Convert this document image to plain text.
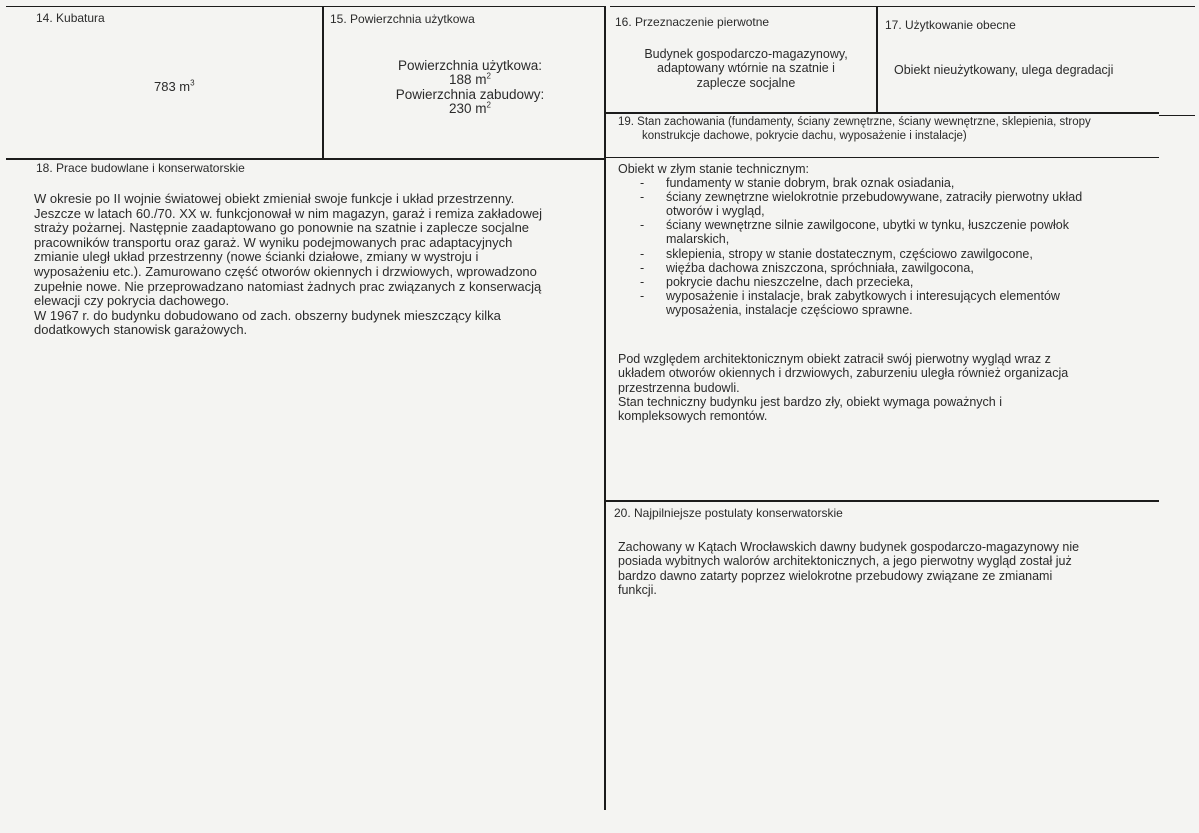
14. Kubatura
783 $m^3$
15. Powierzchnia użytkowa
Powierzchnia użytkowa:
188 $m^2$
Powierzchnia zabudowy:
230 $m^2$
16. Przeznaczenie pierwotne
Budynek gospodarczo-magazynowy,
adaptowany wtórnie na szatnie i
zaplecze socjalne
17. Użytkowanie obecne
Obiekt nieużytkowany, ulega degradacji
18. Prace budowlane i konserwatorskie
W okresie po II wojnie światowej obiekt zmieniał swoje funkcje i układ przestrzenny.
Jeszcze w latach 60./70. XX w. funkcjonował w nim magazyn, garaż i remiza zakładowej
straży pożarnej. Następnie zaadaptowano go ponownie na szatnie i zaplecze socjalne
pracowników transportu oraz garaż. W wyniku podejmowanych prac adaptacyjnych
zmianie uległ układ przestrzenny (nowe ścianki działowe, zmiany w wystroju i
wyposażeniu etc.). Zamurowano część otworów okiennych i drzwiowych, wprowadzono
zupełnie nowe. Nie przeprowadzano natomiast żadnych prac związanych z konserwacją
elewacji czy pokrycia dachowego.
W 1967 r. do budynku dobudowano od zach. obszerny budynek mieszczący kilka
dodatkowych stanowisk garażowych.
19. Stan zachowania (fundamenty, ściany zewnętrzne, ściany wewnętrzne, sklepienia, stropy
konstrukcje dachowe, pokrycie dachu, wyposażenie i instalacje)
Obiekt w złym stanie technicznym:
- fundamenty w stanie dobrym, brak oznak osiadania,
- ściany zewnętrzne wielokrotnie przebudowywane, zatraciły pierwotny układ
otworów i wygląd,
- ściany wewnętrzne silnie zawilgocone, ubytki w tynku, łuszczenie powłok
malarskich,
- sklepienia, stropy w stanie dostatecznym, częściowo zawilgocone,
- więźba dachowa zniszczona, spróchniała, zawilgocona,
- pokrycie dachu nieszczelne, dach przecieka,
- wyposażenie i instalacje, brak zabytkowych i interesujących elementów
wyposażenia, instalacje częściowo sprawne.
Pod względem architektonicznym obiekt zatracił swój pierwotny wygląd wraz z
układem otworów okiennych i drzwiowych, zaburzeniu uległa również organizacja
przestrzenna budowli.
Stan techniczny budynku jest bardzo zły, obiekt wymaga poważnych i
kompleksowych remontów.
20. Najpilniejsze postulaty konserwatorskie
Zachowany w Kątach Wrocławskich dawny budynek gospodarczo-magazynowy nie
posiada wybitnych walorów architektonicznych, a jego pierwotny wygląd został już
bardzo dawno zatarty poprzez wielokrotne przebudowy związane ze zmianami
funkcji.
